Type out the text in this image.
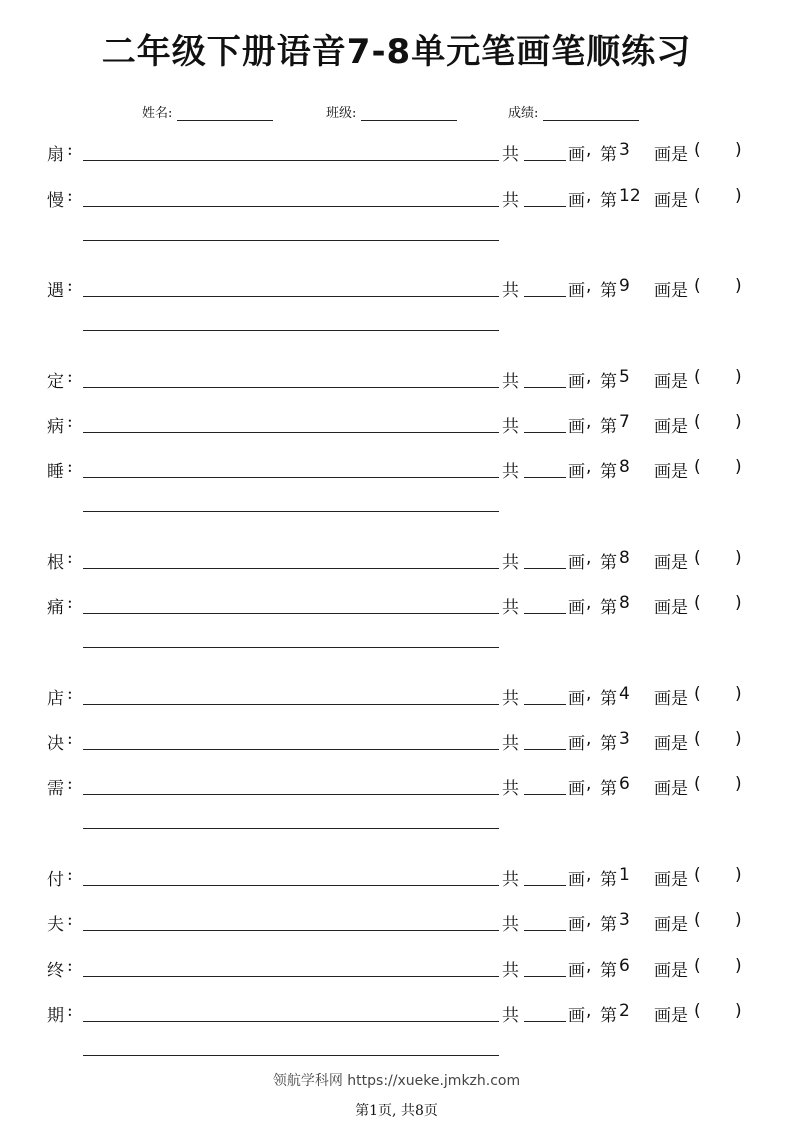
二年级下册语音7-8单元笔画笔顺练习
姓名:	班级:	成绩:
扇 :	共	画 , 第 3 画是 ( )
慢 :	共	画 , 第 12 画是 ( )
遇 :	共	画 , 第 9 画是 ( )
定 :	共	画 , 第 5 画是 ( )
病 :	共	画 , 第 7 画是 ( )
睡 :	共	画 , 第 8 画是 ( )
根 :	共	画 , 第 8 画是 ( )
痛 :	共	画 , 第 8 画是 ( )
店 :	共	画 , 第 4 画是 ( )
决 :	共	画 , 第 3 画是 ( )
需 :	共	画 , 第 6 画是 ( )
付 :	共	画 , 第 1 画是 ( )
夫 :	共	画 , 第 3 画是 ( )
终 :	共	画 , 第 6 画是 ( )
期 :	共	画 , 第 2 画是 ( )
领航学科网 https://xueke.jmkzh.com
第1页, 共8页
